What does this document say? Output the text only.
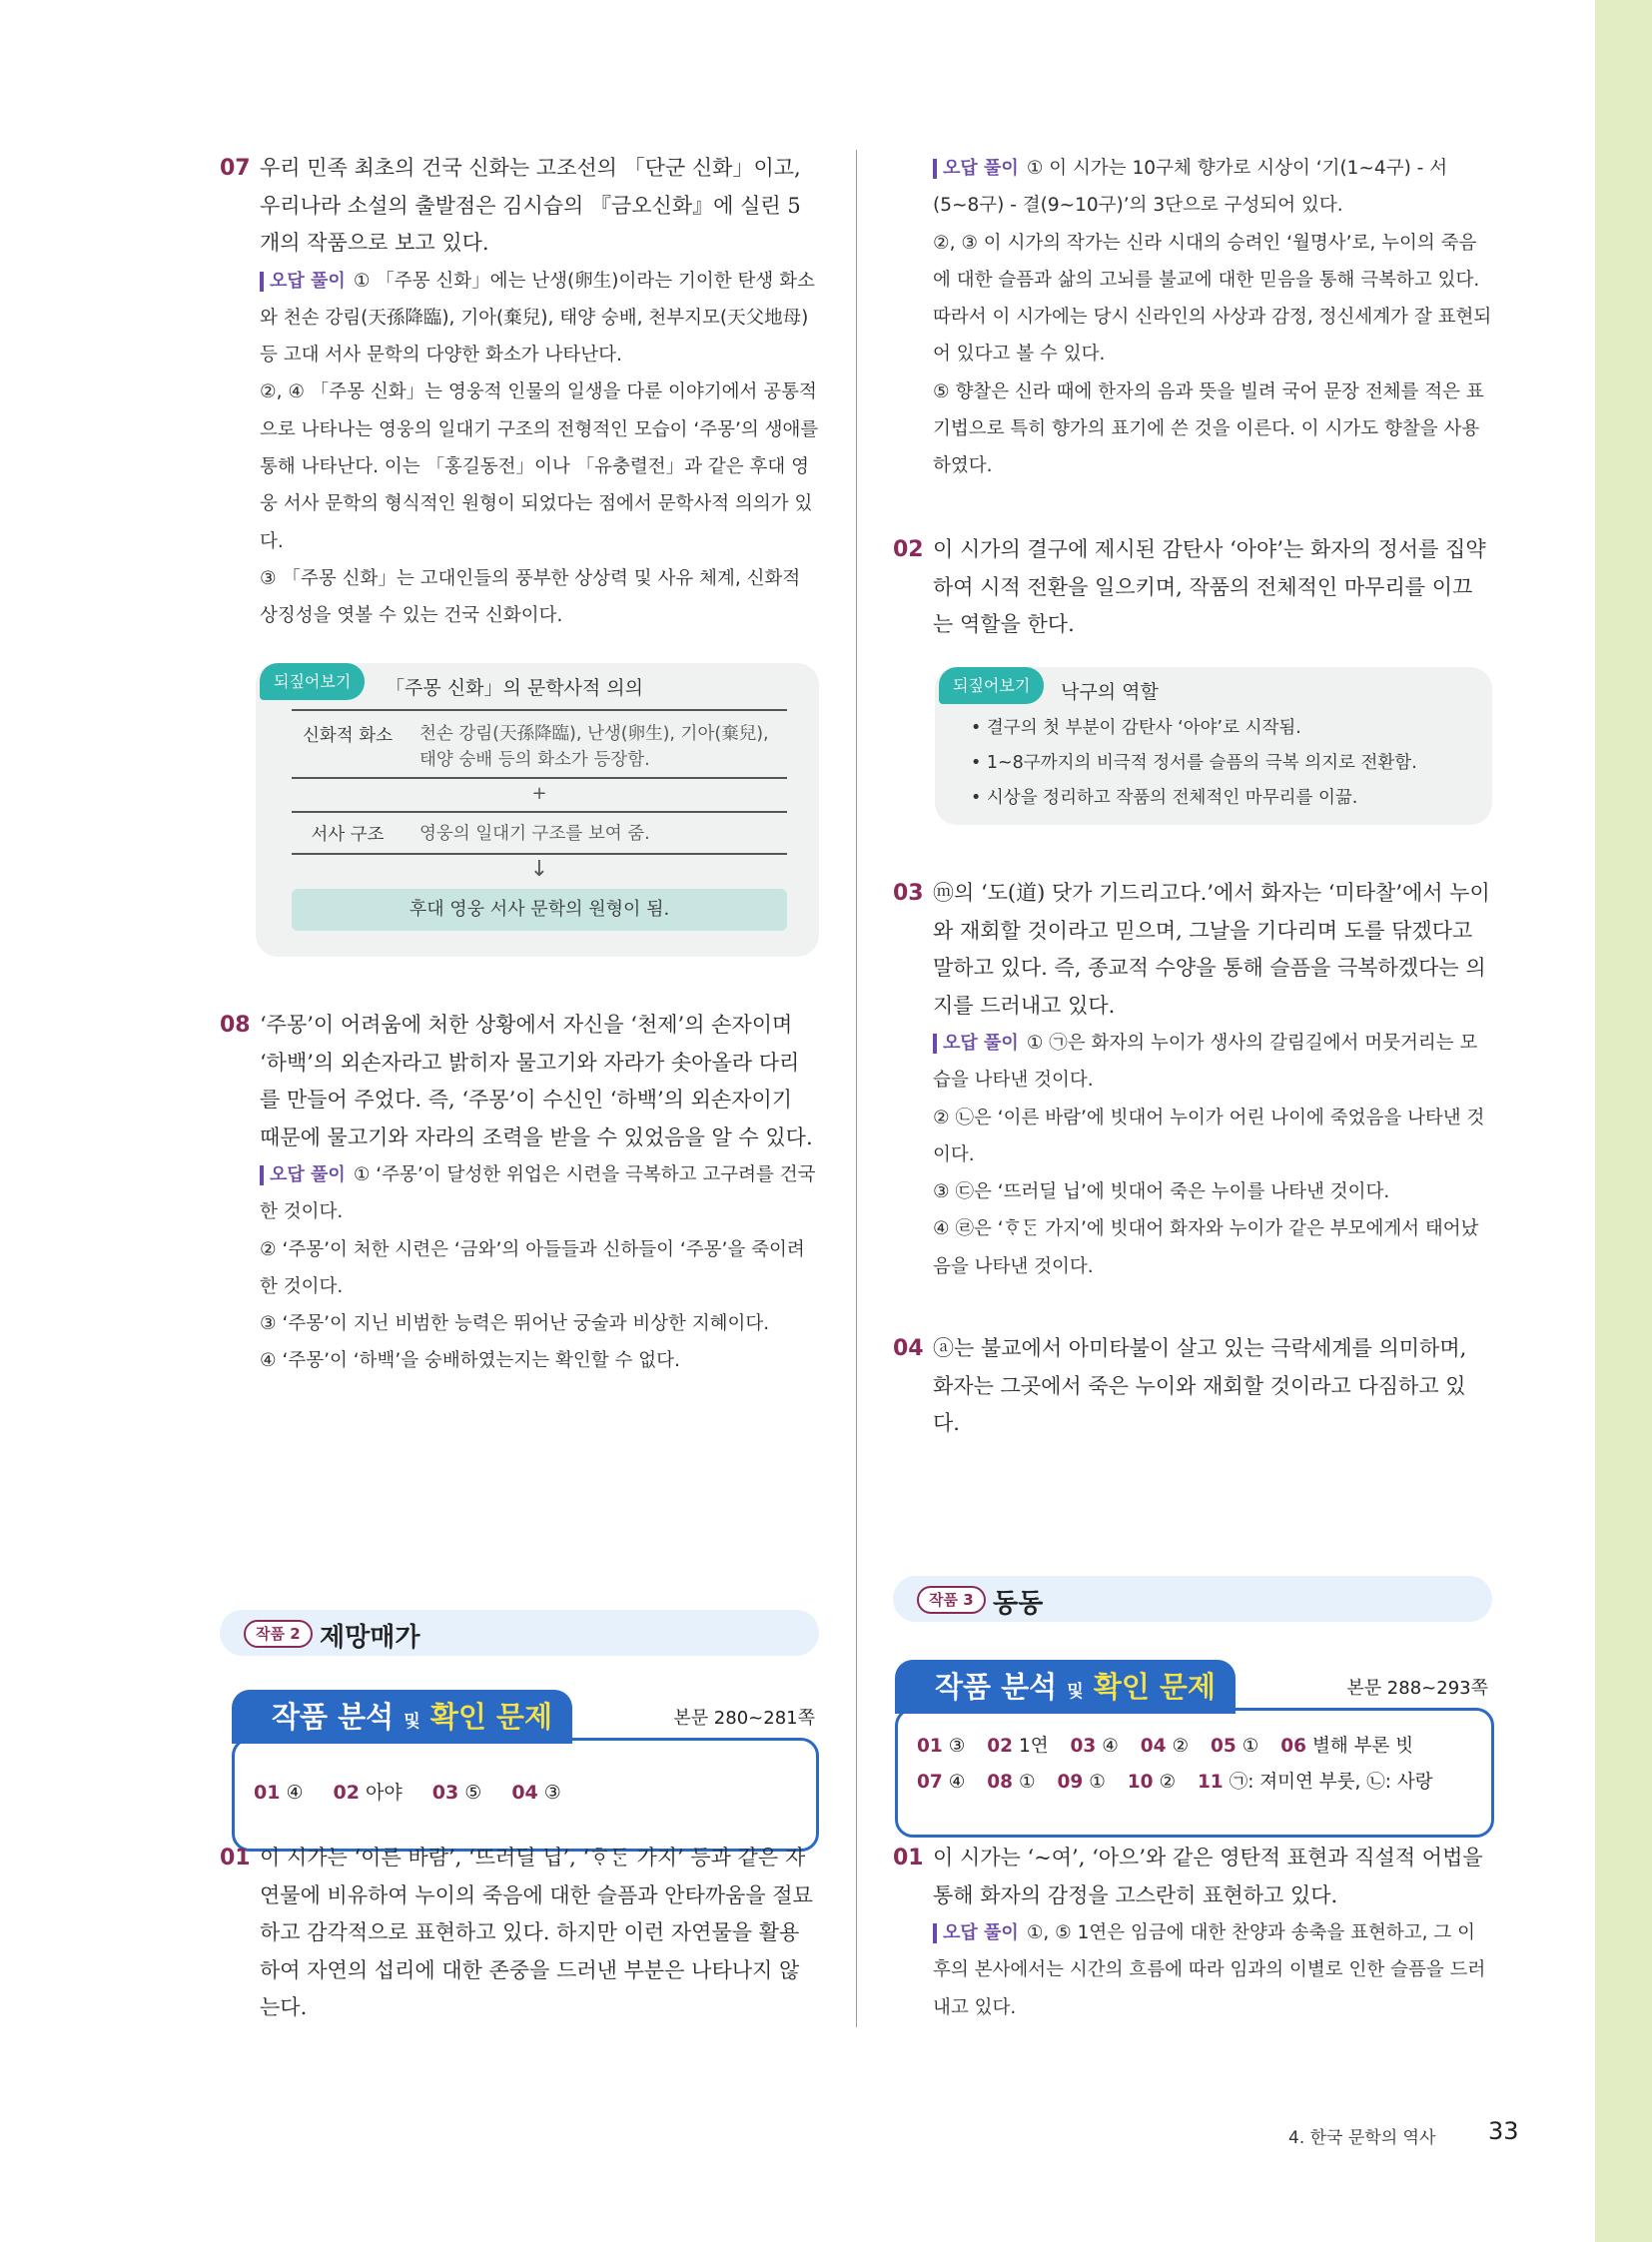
07 우리 민족 최초의 건국 신화는 고조선의 「단군 신화」이고, 우리나라 소설의 출발점은 김시습의 『금오신화』에 실린 5개의 작품으로 보고 있다.

오답 풀이 ① 「주몽 신화」에는 난생(卵生)이라는 기이한 탄생 화소와 천손 강림(天孫降臨), 기아(棄兒), 태양 숭배, 천부지모(天父地母) 등 고대 서사 문학의 다양한 화소가 나타난다.

②, ④ 「주몽 신화」는 영웅적 인물의 일생을 다룬 이야기에서 공통적으로 나타나는 영웅의 일대기 구조의 전형적인 모습이 ‘주몽’의 생애를 통해 나타난다. 이는 「홍길동전」이나 「유충렬전」과 같은 후대 영웅 서사 문학의 형식적인 원형이 되었다는 점에서 문학사적 의의가 있다.

③ 「주몽 신화」는 고대인들의 풍부한 상상력 및 사유 체계, 신화적 상징성을 엿볼 수 있는 건국 신화이다.

되짚어보기	「주몽 신화」의 문학사적 의의
신화적 화소	천손 강림(天孫降臨), 난생(卵生), 기아(棄兒), 태양 숭배 등의 화소가 등장함.
+
서사 구조	영웅의 일대기 구조를 보여 줌.
↓
후대 영웅 서사 문학의 원형이 됨.
08 ‘주몽’이 어려움에 처한 상황에서 자신을 ‘천제’의 손자이며 ‘하백’의 외손자라고 밝히자 물고기와 자라가 솟아올라 다리를 만들어 주었다. 즉, ‘주몽’이 수신인 ‘하백’의 외손자이기 때문에 물고기와 자라의 조력을 받을 수 있었음을 알 수 있다.

오답 풀이 ① ‘주몽’이 달성한 위업은 시련을 극복하고 고구려를 건국한 것이다.

② ‘주몽’이 처한 시련은 ‘금와’의 아들들과 신하들이 ‘주몽’을 죽이려 한 것이다.

③ ‘주몽’이 지닌 비범한 능력은 뛰어난 궁술과 비상한 지혜이다.

④ ‘주몽’이 ‘하백’을 숭배하였는지는 확인할 수 없다.

작품 2 제망매가
작품 분석 및 확인 문제	본문 280~281쪽
01 ④ 02 아야 03 ⑤ 04 ③
01 이 시가는 ‘이른 바람’, ‘뜨러딜 닙’, ‘ᄒᆞᄃᆞᆫ 가지’ 등과 같은 자연물에 비유하여 누이의 죽음에 대한 슬픔과 안타까움을 절묘하고 감각적으로 표현하고 있다. 하지만 이런 자연물을 활용하여 자연의 섭리에 대한 존중을 드러낸 부분은 나타나지 않는다.

오답 풀이 ① 이 시가는 10구체 향가로 시상이 ‘기(1~4구) - 서(5~8구) - 결(9~10구)’의 3단으로 구성되어 있다.

②, ③ 이 시가의 작가는 신라 시대의 승려인 ‘월명사’로, 누이의 죽음에 대한 슬픔과 삶의 고뇌를 불교에 대한 믿음을 통해 극복하고 있다. 따라서 이 시가에는 당시 신라인의 사상과 감정, 정신세계가 잘 표현되어 있다고 볼 수 있다.

⑤ 향찰은 신라 때에 한자의 음과 뜻을 빌려 국어 문장 전체를 적은 표기법으로 특히 향가의 표기에 쓴 것을 이른다. 이 시가도 향찰을 사용하였다.

02 이 시가의 결구에 제시된 감탄사 ‘아야’는 화자의 정서를 집약하여 시적 전환을 일으키며, 작품의 전체적인 마무리를 이끄는 역할을 한다.

되짚어보기	낙구의 역할
• 결구의 첫 부분이 감탄사 ‘아야’로 시작됨.
• 1~8구까지의 비극적 정서를 슬픔의 극복 의지로 전환함.
• 시상을 정리하고 작품의 전체적인 마무리를 이끎.
03 ⓜ의 ‘도(道) 닷가 기드리고다.’에서 화자는 ‘미타찰’에서 누이와 재회할 것이라고 믿으며, 그날을 기다리며 도를 닦겠다고 말하고 있다. 즉, 종교적 수양을 통해 슬픔을 극복하겠다는 의지를 드러내고 있다.

오답 풀이 ① ㉠은 화자의 누이가 생사의 갈림길에서 머뭇거리는 모습을 나타낸 것이다.

② ㉡은 ‘이른 바람’에 빗대어 누이가 어린 나이에 죽었음을 나타낸 것이다.

③ ㉢은 ‘뜨러딜 닙’에 빗대어 죽은 누이를 나타낸 것이다.

④ ㉣은 ‘ᄒᆞᄃᆞᆫ 가지’에 빗대어 화자와 누이가 같은 부모에게서 태어났음을 나타낸 것이다.

04 ⓐ는 불교에서 아미타불이 살고 있는 극락세계를 의미하며, 화자는 그곳에서 죽은 누이와 재회할 것이라고 다짐하고 있다.

작품 3 동동
작품 분석 및 확인 문제	본문 288~293쪽
01 ③ 02 1연 03 ④ 04 ② 05 ① 06 별해 부론 빗
07 ④ 08 ① 09 ① 10 ② 11 ㉠: 져미연 부룻, ㉡: 사랑
01 이 시가는 ‘~여’, ‘아으’와 같은 영탄적 표현과 직설적 어법을 통해 화자의 감정을 고스란히 표현하고 있다.

오답 풀이 ①, ⑤ 1연은 임금에 대한 찬양과 송축을 표현하고, 그 이후의 본사에서는 시간의 흐름에 따라 임과의 이별로 인한 슬픔을 드러내고 있다.

4. 한국 문학의 역사 33
